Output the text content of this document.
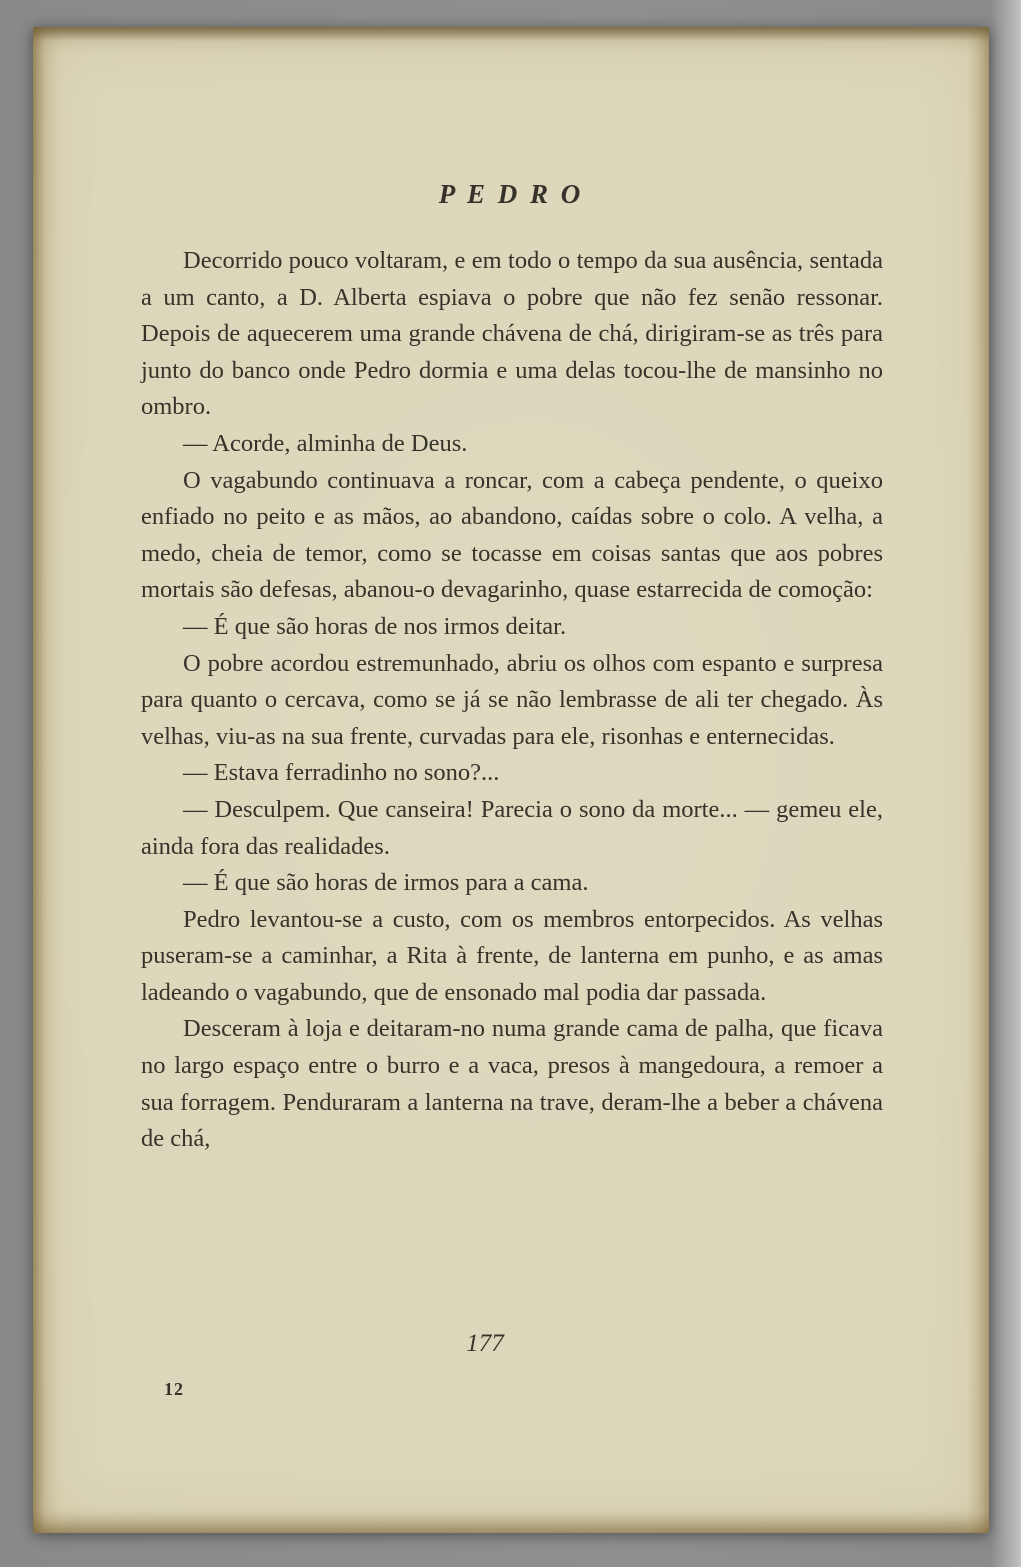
P E D R O

Decorrido pouco voltaram, e em todo o tempo da sua ausência, sentada a um canto, a D. Alberta espiava o pobre que não fez senão ressonar. Depois de aquecerem uma grande chávena de chá, dirigiram-se as três para junto do banco onde Pedro dormia e uma delas tocou-lhe de mansinho no ombro.

— Acorde, alminha de Deus.

O vagabundo continuava a roncar, com a cabeça pendente, o queixo enfiado no peito e as mãos, ao abandono, caídas sobre o colo. A velha, a medo, cheia de temor, como se tocasse em coisas santas que aos pobres mortais são defesas, abanou-o devagarinho, quase estarrecida de comoção:

— É que são horas de nos irmos deitar.

O pobre acordou estremunhado, abriu os olhos com espanto e surpresa para quanto o cercava, como se já se não lembrasse de ali ter chegado. Às velhas, viu-as na sua frente, curvadas para ele, risonhas e enternecidas.

— Estava ferradinho no sono?...

— Desculpem. Que canseira! Parecia o sono da morte... — gemeu ele, ainda fora das realidades.

— É que são horas de irmos para a cama.

Pedro levantou-se a custo, com os membros entorpecidos. As velhas puseram-se a caminhar, a Rita à frente, de lanterna em punho, e as amas ladeando o vagabundo, que de ensonado mal podia dar passada.

Desceram à loja e deitaram-no numa grande cama de palha, que ficava no largo espaço entre o burro e a vaca, presos à mangedoura, a remoer a sua forragem. Penduraram a lanterna na trave, deram-lhe a beber a chávena de chá,

177
12
